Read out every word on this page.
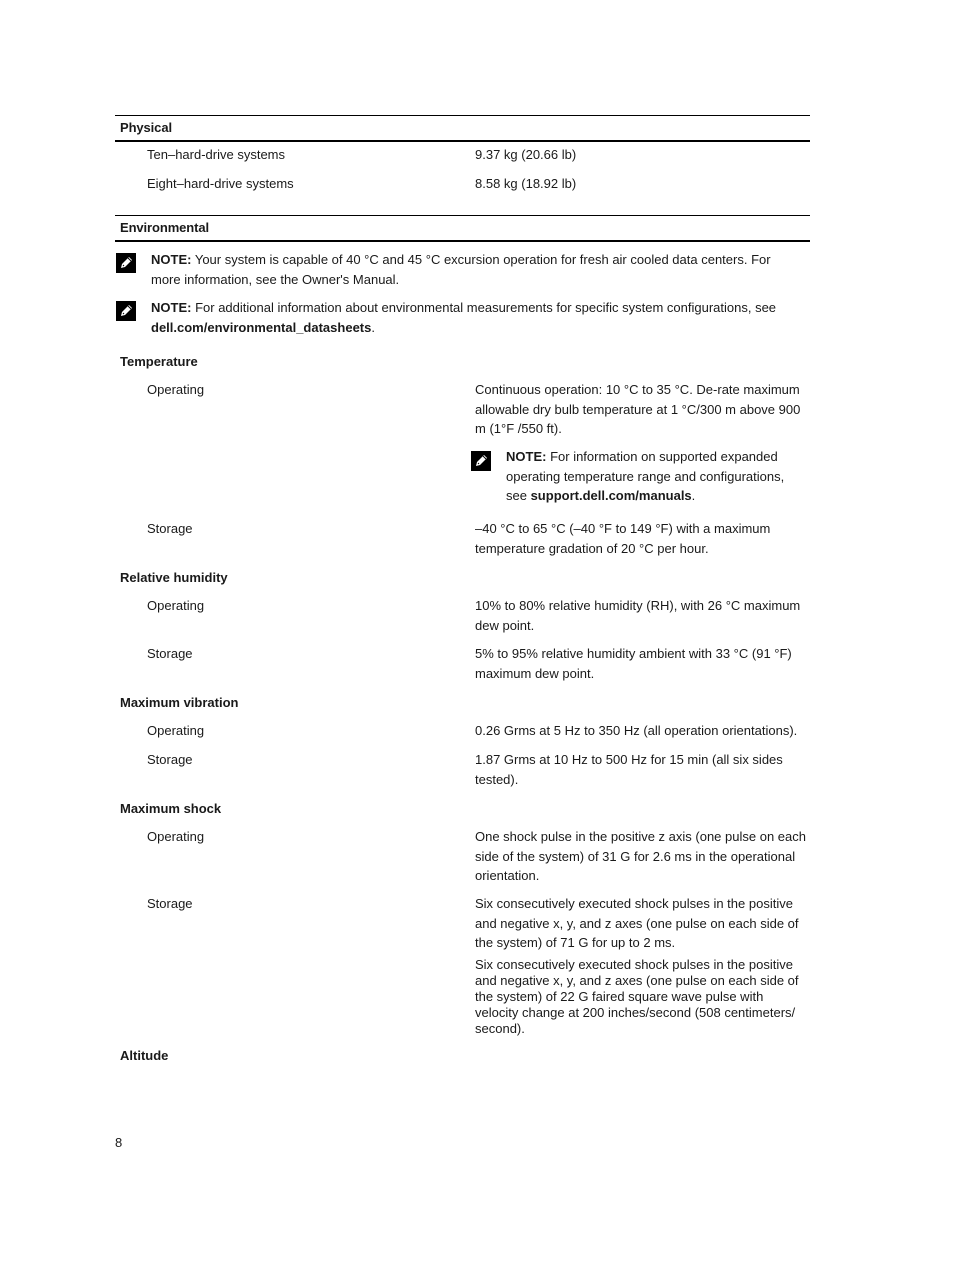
Physical
Ten–hard-drive systems	9.37 kg (20.66 lb)
Eight–hard-drive systems	8.58 kg (18.92 lb)
Environmental
NOTE: Your system is capable of 40 °C and 45 °C excursion operation for fresh air cooled data centers. For more information, see the Owner's Manual.
NOTE: For additional information about environmental measurements for specific system configurations, see dell.com/environmental_datasheets.
Temperature
Operating	Continuous operation: 10 °C to 35 °C. De-rate maximum allowable dry bulb temperature at 1 °C/300 m above 900 m (1°F /550 ft).
NOTE: For information on supported expanded operating temperature range and configurations, see support.dell.com/manuals.
Storage	–40 °C to 65 °C (–40 °F to 149 °F) with a maximum temperature gradation of 20 °C per hour.
Relative humidity
Operating	10% to 80% relative humidity (RH), with 26 °C maximum dew point.
Storage	5% to 95% relative humidity ambient with 33 °C (91 °F) maximum dew point.
Maximum vibration
Operating	0.26 Grms at 5 Hz to 350 Hz (all operation orientations).
Storage	1.87 Grms at 10 Hz to 500 Hz for 15 min (all six sides tested).
Maximum shock
Operating	One shock pulse in the positive z axis (one pulse on each side of the system) of 31 G for 2.6 ms in the operational orientation.
Storage	Six consecutively executed shock pulses in the positive and negative x, y, and z axes (one pulse on each side of the system) of 71 G for up to 2 ms.
Six consecutively executed shock pulses in the positive and negative x, y, and z axes (one pulse on each side of the system) of 22 G faired square wave pulse with velocity change at 200 inches/second (508 centimeters/ second).
Altitude
8
